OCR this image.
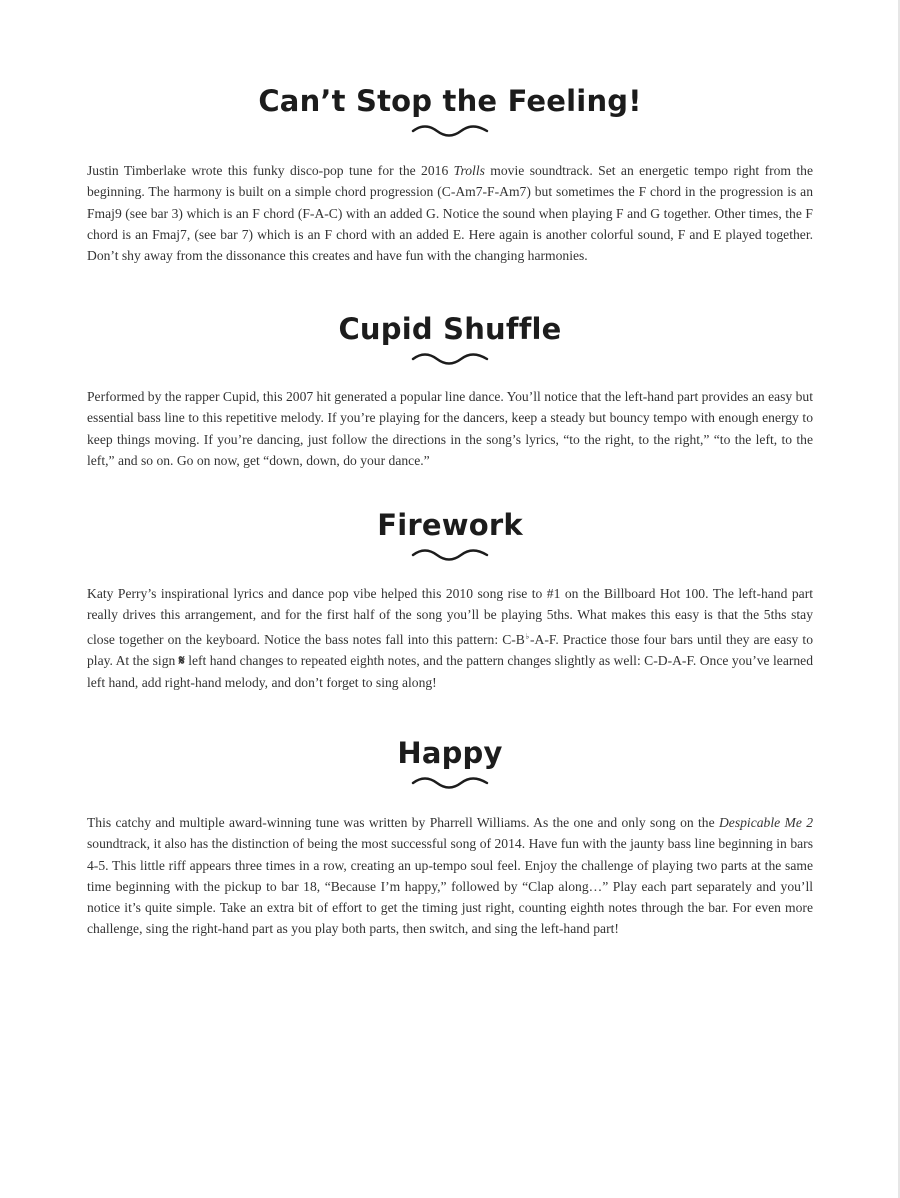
Can’t Stop the Feeling!

Justin Timberlake wrote this funky disco-pop tune for the 2016 Trolls movie soundtrack. Set an energetic tempo right from the beginning. The harmony is built on a simple chord progression (C-Am7-F-Am7) but sometimes the F chord in the progression is an Fmaj9 (see bar 3) which is an F chord (F-A-C) with an added G. Notice the sound when playing F and G together. Other times, the F chord is an Fmaj7, (see bar 7) which is an F chord with an added E. Here again is another colorful sound, F and E played together. Don’t shy away from the dissonance this creates and have fun with the changing harmonies.

Cupid Shuffle

Performed by the rapper Cupid, this 2007 hit generated a popular line dance. You’ll notice that the left-hand part provides an easy but essential bass line to this repetitive melody. If you’re playing for the dancers, keep a steady but bouncy tempo with enough energy to keep things moving. If you’re dancing, just follow the directions in the song’s lyrics, “to the right, to the right,” “to the left, to the left,” and so on. Go on now, get “down, down, do your dance.”

Firework

Katy Perry’s inspirational lyrics and dance pop vibe helped this 2010 song rise to #1 on the Billboard Hot 100. The left-hand part really drives this arrangement, and for the first half of the song you’ll be playing 5ths. What makes this easy is that the 5ths stay close together on the keyboard. Notice the bass notes fall into this pattern: C-B♭-A-F. Practice those four bars until they are easy to play. At the sign 𝄋 left hand changes to repeated eighth notes, and the pattern changes slightly as well: C-D-A-F. Once you’ve learned left hand, add right-hand melody, and don’t forget to sing along!

Happy

This catchy and multiple award-winning tune was written by Pharrell Williams. As the one and only song on the Despicable Me 2 soundtrack, it also has the distinction of being the most successful song of 2014. Have fun with the jaunty bass line beginning in bars 4-5. This little riff appears three times in a row, creating an up-tempo soul feel. Enjoy the challenge of playing two parts at the same time beginning with the pickup to bar 18, “Because I’m happy,” followed by “Clap along…” Play each part separately and you’ll notice it’s quite simple. Take an extra bit of effort to get the timing just right, counting eighth notes through the bar. For even more challenge, sing the right-hand part as you play both parts, then switch, and sing the left-hand part!
